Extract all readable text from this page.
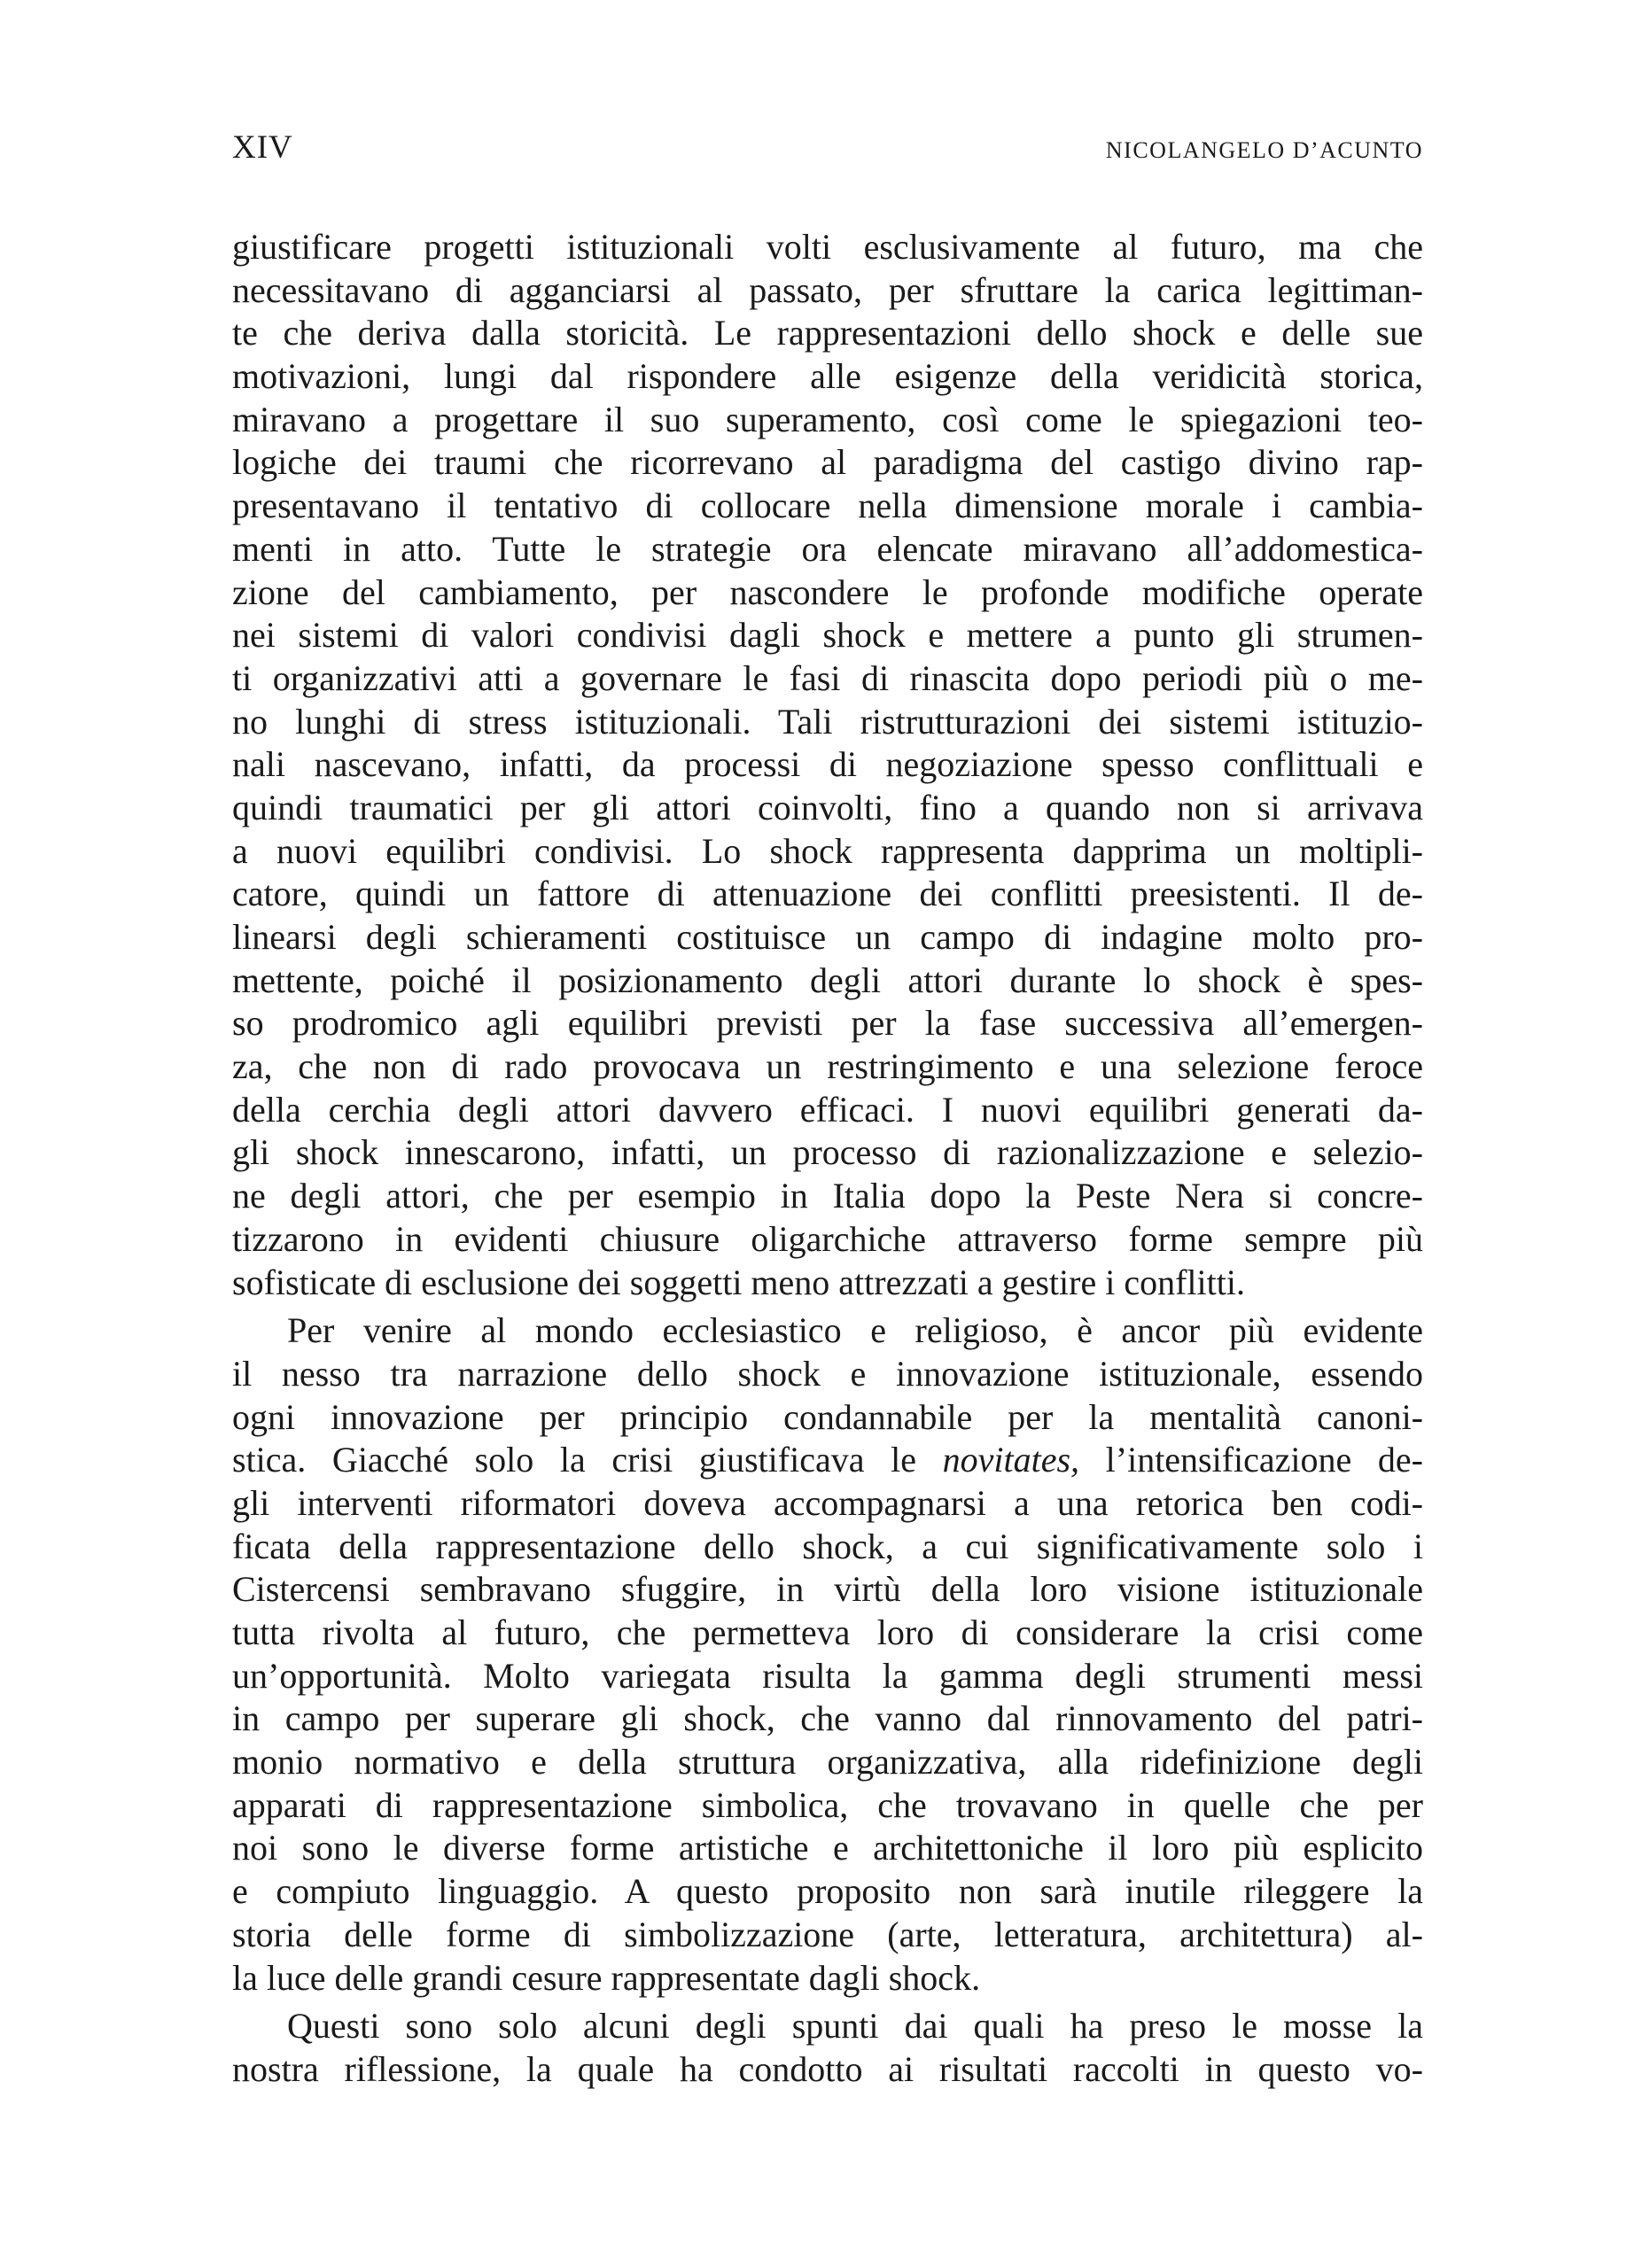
XIV	NICOLANGELO D’ACUNTO
giustificare progetti istituzionali volti esclusivamente al futuro, ma che
necessitavano di agganciarsi al passato, per sfruttare la carica legittiman-
te che deriva dalla storicità. Le rappresentazioni dello shock e delle sue
motivazioni, lungi dal rispondere alle esigenze della veridicità storica,
miravano a progettare il suo superamento, così come le spiegazioni teo-
logiche dei traumi che ricorrevano al paradigma del castigo divino rap-
presentavano il tentativo di collocare nella dimensione morale i cambia-
menti in atto. Tutte le strategie ora elencate miravano all’addomestica-
zione del cambiamento, per nascondere le profonde modifiche operate
nei sistemi di valori condivisi dagli shock e mettere a punto gli strumen-
ti organizzativi atti a governare le fasi di rinascita dopo periodi più o me-
no lunghi di stress istituzionali. Tali ristrutturazioni dei sistemi istituzio-
nali nascevano, infatti, da processi di negoziazione spesso conflittuali e
quindi traumatici per gli attori coinvolti, fino a quando non si arrivava
a nuovi equilibri condivisi. Lo shock rappresenta dapprima un moltipli-
catore, quindi un fattore di attenuazione dei conflitti preesistenti. Il de-
linearsi degli schieramenti costituisce un campo di indagine molto pro-
mettente, poiché il posizionamento degli attori durante lo shock è spes-
so prodromico agli equilibri previsti per la fase successiva all’emergen-
za, che non di rado provocava un restringimento e una selezione feroce
della cerchia degli attori davvero efficaci. I nuovi equilibri generati da-
gli shock innescarono, infatti, un processo di razionalizzazione e selezio-
ne degli attori, che per esempio in Italia dopo la Peste Nera si concre-
tizzarono in evidenti chiusure oligarchiche attraverso forme sempre più
sofisticate di esclusione dei soggetti meno attrezzati a gestire i conflitti.
Per venire al mondo ecclesiastico e religioso, è ancor più evidente
il nesso tra narrazione dello shock e innovazione istituzionale, essendo
ogni innovazione per principio condannabile per la mentalità canoni-
stica. Giacché solo la crisi giustificava le novitates, l’intensificazione de-
gli interventi riformatori doveva accompagnarsi a una retorica ben codi-
ficata della rappresentazione dello shock, a cui significativamente solo i
Cistercensi sembravano sfuggire, in virtù della loro visione istituzionale
tutta rivolta al futuro, che permetteva loro di considerare la crisi come
un’opportunità. Molto variegata risulta la gamma degli strumenti messi
in campo per superare gli shock, che vanno dal rinnovamento del patri-
monio normativo e della struttura organizzativa, alla ridefinizione degli
apparati di rappresentazione simbolica, che trovavano in quelle che per
noi sono le diverse forme artistiche e architettoniche il loro più esplicito
e compiuto linguaggio. A questo proposito non sarà inutile rileggere la
storia delle forme di simbolizzazione (arte, letteratura, architettura) al-
la luce delle grandi cesure rappresentate dagli shock.
Questi sono solo alcuni degli spunti dai quali ha preso le mosse la
nostra riflessione, la quale ha condotto ai risultati raccolti in questo vo-
